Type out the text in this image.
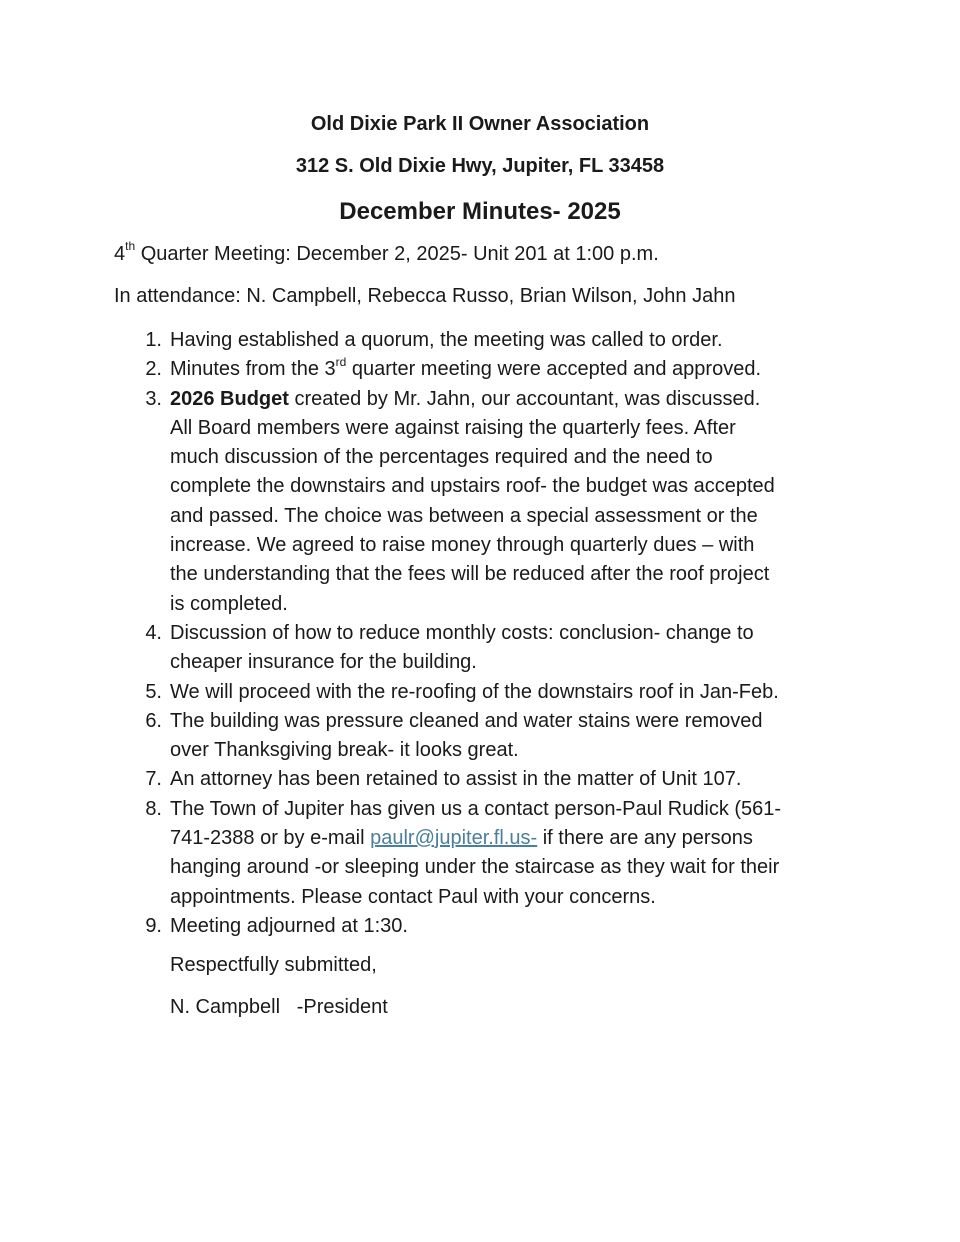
Old Dixie Park II Owner Association
312 S. Old Dixie Hwy, Jupiter, FL 33458
December Minutes- 2025
4th Quarter Meeting: December 2, 2025- Unit 201 at 1:00 p.m.
In attendance: N. Campbell, Rebecca Russo, Brian Wilson, John Jahn
1. Having established a quorum, the meeting was called to order.
2. Minutes from the 3rd quarter meeting were accepted and approved.
3. 2026 Budget created by Mr. Jahn, our accountant, was discussed.
All Board members were against raising the quarterly fees. After
much discussion of the percentages required and the need to
complete the downstairs and upstairs roof- the budget was accepted
and passed. The choice was between a special assessment or the
increase. We agreed to raise money through quarterly dues – with
the understanding that the fees will be reduced after the roof project
is completed.
4. Discussion of how to reduce monthly costs: conclusion- change to
cheaper insurance for the building.
5. We will proceed with the re-roofing of the downstairs roof in Jan-Feb.
6. The building was pressure cleaned and water stains were removed
over Thanksgiving break- it looks great.
7. An attorney has been retained to assist in the matter of Unit 107.
8. The Town of Jupiter has given us a contact person-Paul Rudick (561-
741-2388 or by e-mail paulr@jupiter.fl.us- if there are any persons
hanging around -or sleeping under the staircase as they wait for their
appointments. Please contact Paul with your concerns.
9. Meeting adjourned at 1:30.
Respectfully submitted,
N. Campbell   -President
